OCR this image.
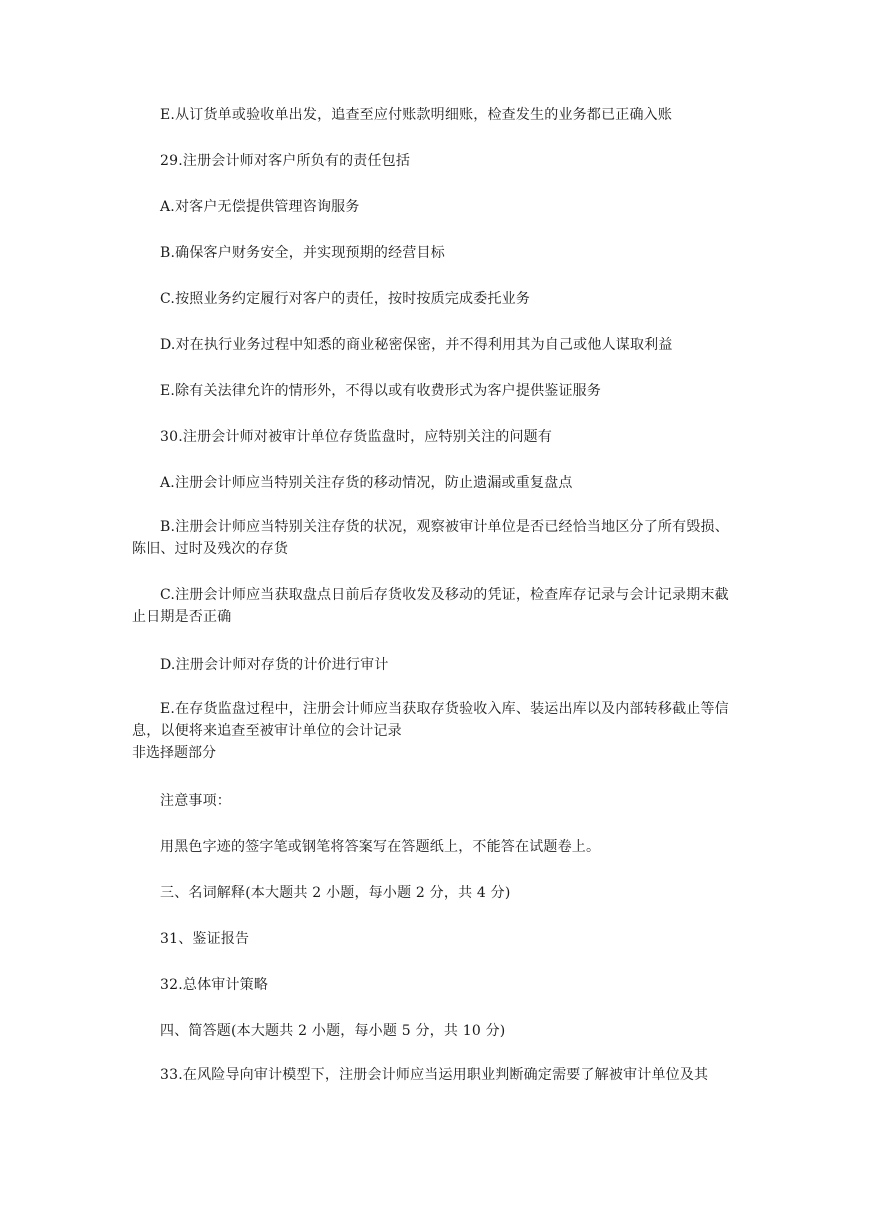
E.从订货单或验收单出发，追查至应付账款明细账，检查发生的业务都已正确入账
29.注册会计师对客户所负有的责任包括
A.对客户无偿提供管理咨询服务
B.确保客户财务安全，并实现预期的经营目标
C.按照业务约定履行对客户的责任，按时按质完成委托业务
D.对在执行业务过程中知悉的商业秘密保密，并不得利用其为自己或他人谋取利益
E.除有关法律允许的情形外，不得以或有收费形式为客户提供鉴证服务
30.注册会计师对被审计单位存货监盘时，应特别关注的问题有
A.注册会计师应当特别关注存货的移动情况，防止遗漏或重复盘点
B.注册会计师应当特别关注存货的状况，观察被审计单位是否已经恰当地区分了所有毁损、陈旧、过时及残次的存货
C.注册会计师应当获取盘点日前后存货收发及移动的凭证，检查库存记录与会计记录期末截止日期是否正确
D.注册会计师对存货的计价进行审计
E.在存货监盘过程中，注册会计师应当获取存货验收入库、装运出库以及内部转移截止等信息，以便将来追查至被审计单位的会计记录
非选择题部分
注意事项：
用黑色字迹的签字笔或钢笔将答案写在答题纸上，不能答在试题卷上。
三、名词解释(本大题共 2 小题，每小题 2 分，共 4 分)
31、鉴证报告
32.总体审计策略
四、简答题(本大题共 2 小题，每小题 5 分，共 10 分)
33.在风险导向审计模型下，注册会计师应当运用职业判断确定需要了解被审计单位及其
